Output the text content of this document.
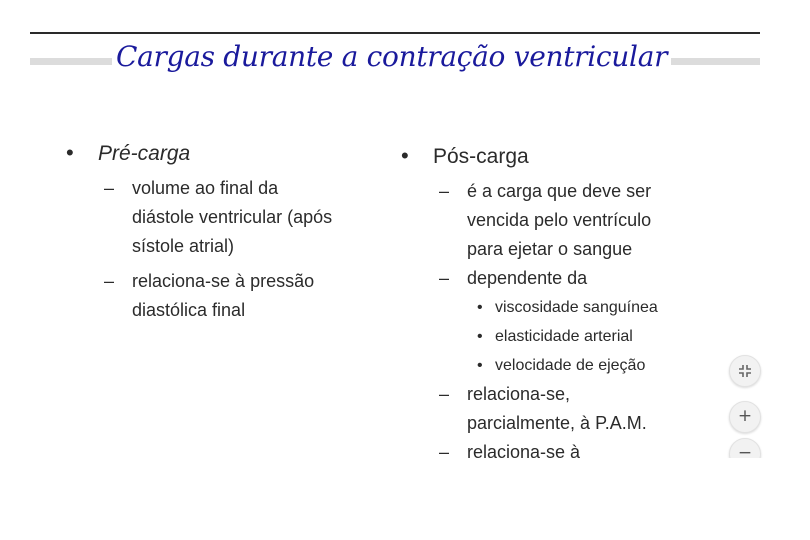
Cargas durante a contração ventricular
• Pré-carga
– volume ao final da
diástole ventricular (após
sístole atrial)
– relaciona-se à pressão
diastólica final
• Pós-carga
– é a carga que deve ser
vencida pelo ventrículo
para ejetar o sangue
– dependente da
• viscosidade sanguínea
• elasticidade arterial
• velocidade de ejeção
– relaciona-se,
parcialmente, à P.A.M.
– relaciona-se à
+
−
